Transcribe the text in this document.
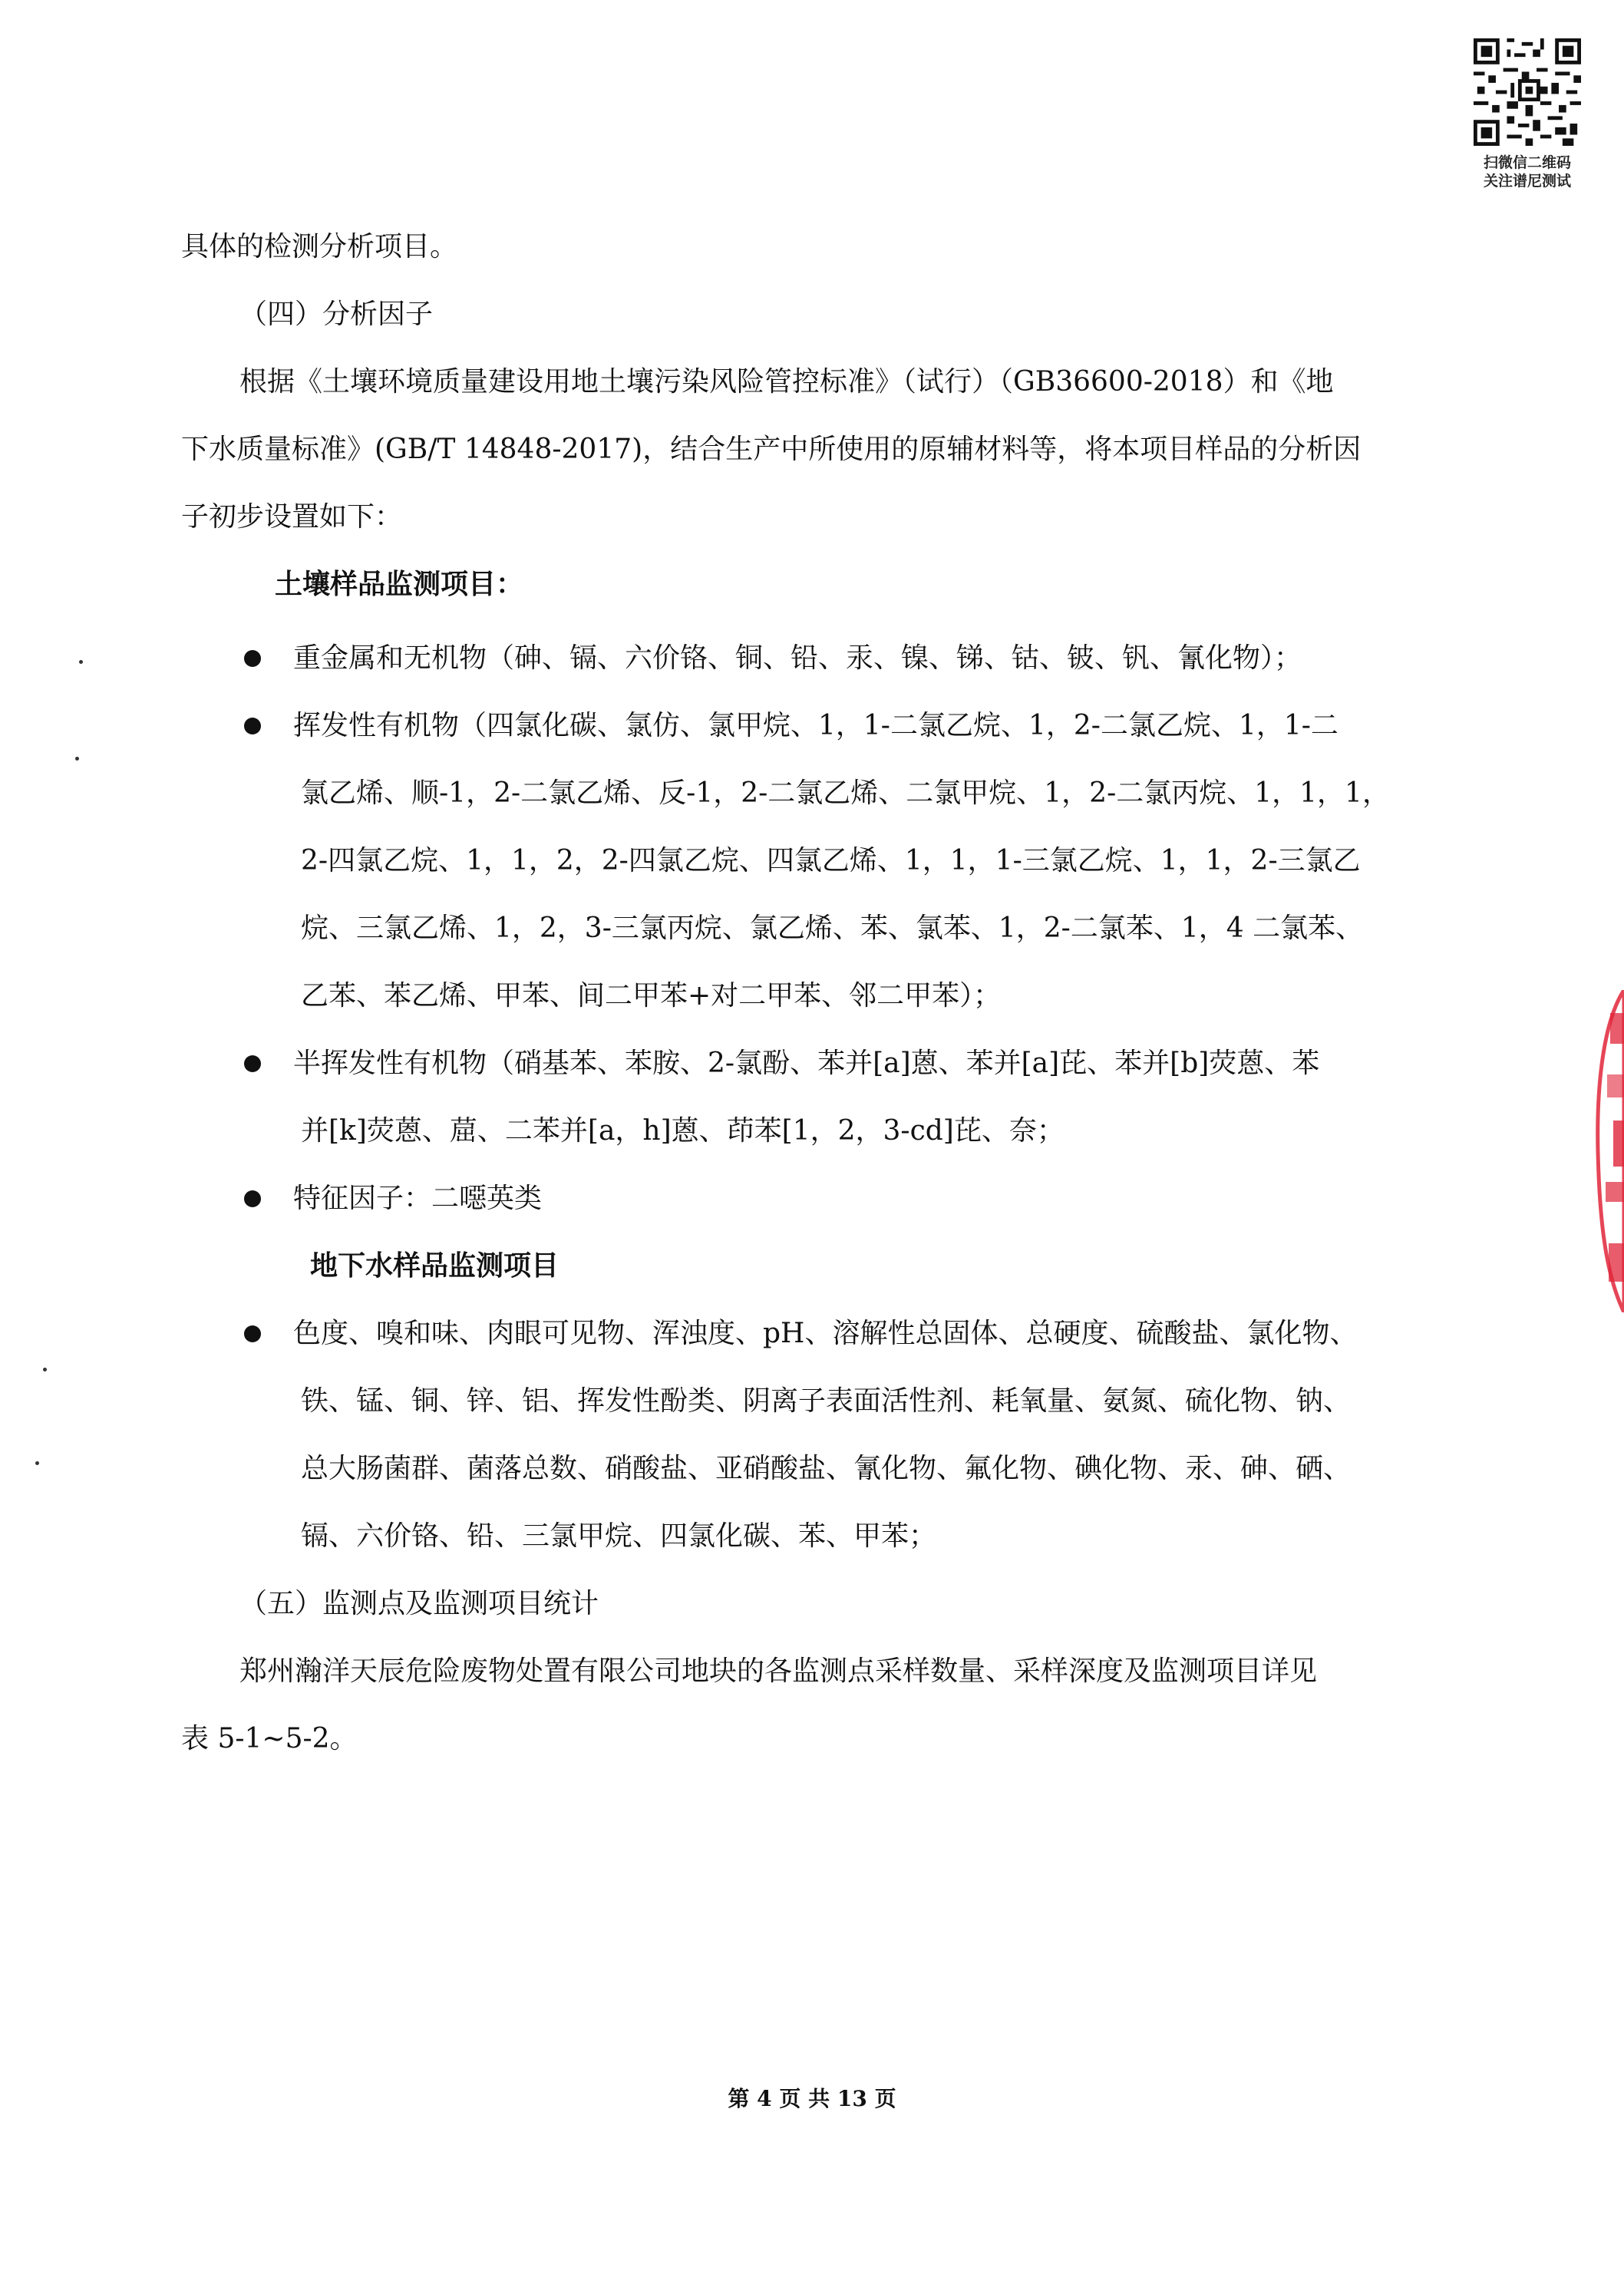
扫微信二维码
关注谱尼测试
具体的检测分析项目。
（四）分析因子
根据《土壤环境质量建设用地土壤污染风险管控标准》（试行）（GB36600-2018）和《地
下水质量标准》(GB/T 14848-2017)，结合生产中所使用的原辅材料等，将本项目样品的分析因
子初步设置如下：
土壤样品监测项目：
重金属和无机物（砷、镉、六价铬、铜、铅、汞、镍、锑、钴、铍、钒、氰化物）；
挥发性有机物（四氯化碳、氯仿、氯甲烷、1，1-二氯乙烷、1，2-二氯乙烷、1，1-二
氯乙烯、顺-1，2-二氯乙烯、反-1，2-二氯乙烯、二氯甲烷、1，2-二氯丙烷、1，1，1，
2-四氯乙烷、1，1，2，2-四氯乙烷、四氯乙烯、1，1，1-三氯乙烷、1，1，2-三氯乙
烷、三氯乙烯、1，2，3-三氯丙烷、氯乙烯、苯、氯苯、1，2-二氯苯、1，4 二氯苯、
乙苯、苯乙烯、甲苯、间二甲苯+对二甲苯、邻二甲苯）；
半挥发性有机物（硝基苯、苯胺、2-氯酚、苯并[a]蒽、苯并[a]芘、苯并[b]荧蒽、苯
并[k]荧蒽、䓛、二苯并[a，h]蒽、茚苯[1，2，3-cd]芘、奈；
特征因子：二噁英类
地下水样品监测项目
色度、嗅和味、肉眼可见物、浑浊度、pH、溶解性总固体、总硬度、硫酸盐、氯化物、
铁、锰、铜、锌、铝、挥发性酚类、阴离子表面活性剂、耗氧量、氨氮、硫化物、钠、
总大肠菌群、菌落总数、硝酸盐、亚硝酸盐、氰化物、氟化物、碘化物、汞、砷、硒、
镉、六价铬、铅、三氯甲烷、四氯化碳、苯、甲苯；
（五）监测点及监测项目统计
郑州瀚洋天辰危险废物处置有限公司地块的各监测点采样数量、采样深度及监测项目详见
表 5-1~5-2。
第 4 页 共 13 页
